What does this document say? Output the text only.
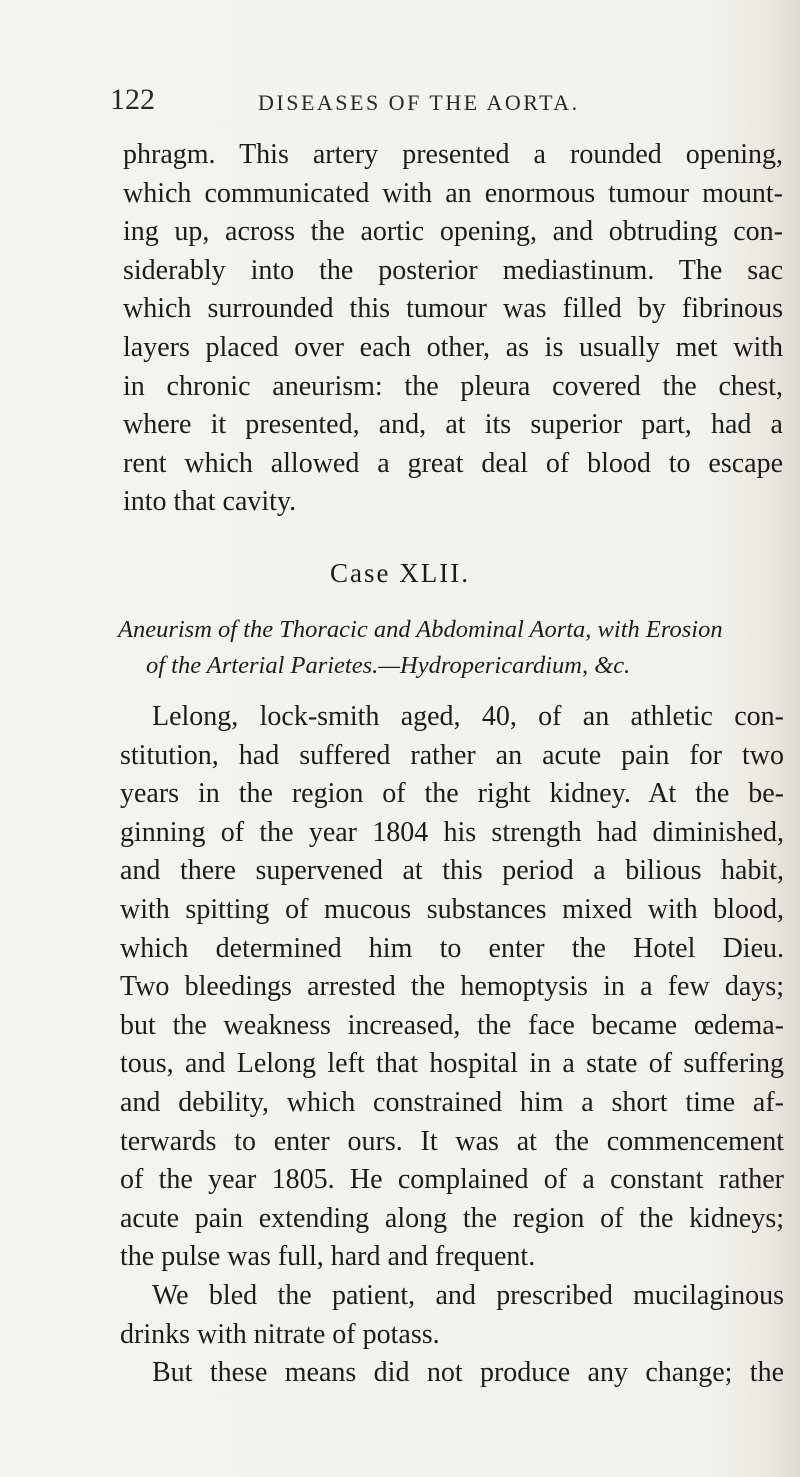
122	DISEASES OF THE AORTA.
phragm. This artery presented a rounded opening,
which communicated with an enormous tumour mount-
ing up, across the aortic opening, and obtruding con-
siderably into the posterior mediastinum. The sac
which surrounded this tumour was filled by fibrinous
layers placed over each other, as is usually met with
in chronic aneurism: the pleura covered the chest,
where it presented, and, at its superior part, had a
rent which allowed a great deal of blood to escape
into that cavity.
Case XLII.
Aneurism of the Thoracic and Abdominal Aorta, with Erosion
of the Arterial Parietes.—Hydropericardium, &c.
Lelong, lock-smith aged, 40, of an athletic con-
stitution, had suffered rather an acute pain for two
years in the region of the right kidney. At the be-
ginning of the year 1804 his strength had diminished,
and there supervened at this period a bilious habit,
with spitting of mucous substances mixed with blood,
which determined him to enter the Hotel Dieu.
Two bleedings arrested the hemoptysis in a few days;
but the weakness increased, the face became œdema-
tous, and Lelong left that hospital in a state of suffering
and debility, which constrained him a short time af-
terwards to enter ours. It was at the commencement
of the year 1805. He complained of a constant rather
acute pain extending along the region of the kidneys;
the pulse was full, hard and frequent.
We bled the patient, and prescribed mucilaginous
drinks with nitrate of potass.
But these means did not produce any change; the
